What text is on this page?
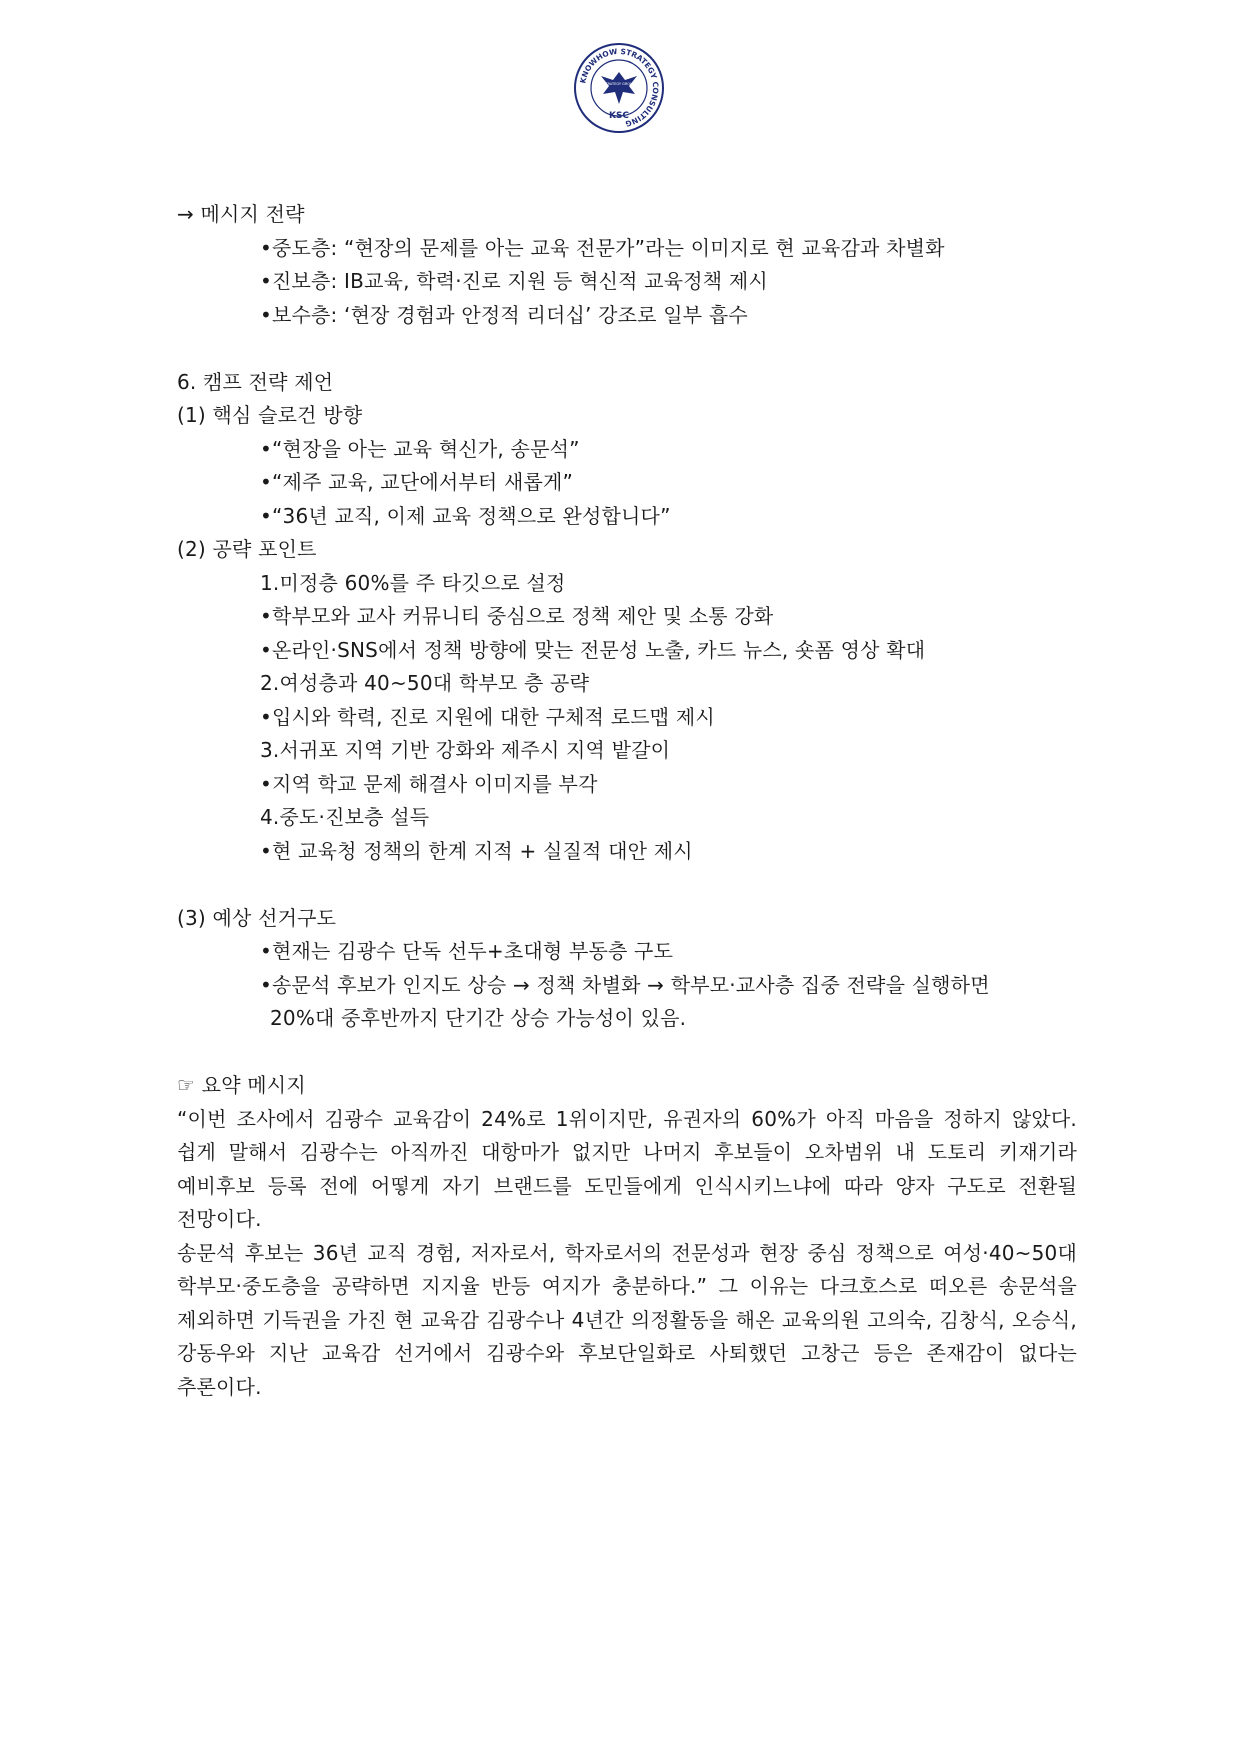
KNOWHOW STRATEGY CONSULTING
STRATEGY GROUP
KSC
→ 메시지 전략
•중도층: “현장의 문제를 아는 교육 전문가”라는 이미지로 현 교육감과 차별화
•진보층: IB교육, 학력·진로 지원 등 혁신적 교육정책 제시
•보수층: ‘현장 경험과 안정적 리더십’ 강조로 일부 흡수
6. 캠프 전략 제언
(1) 핵심 슬로건 방향
•“현장을 아는 교육 혁신가, 송문석”
•“제주 교육, 교단에서부터 새롭게”
•“36년 교직, 이제 교육 정책으로 완성합니다”
(2) 공략 포인트
1.미정층 60%를 주 타깃으로 설정
•학부모와 교사 커뮤니티 중심으로 정책 제안 및 소통 강화
•온라인·SNS에서 정책 방향에 맞는 전문성 노출, 카드 뉴스, 숏폼 영상 확대
2.여성층과 40~50대 학부모 층 공략
•입시와 학력, 진로 지원에 대한 구체적 로드맵 제시
3.서귀포 지역 기반 강화와 제주시 지역 밭갈이
•지역 학교 문제 해결사 이미지를 부각
4.중도·진보층 설득
•현 교육청 정책의 한계 지적 + 실질적 대안 제시
(3) 예상 선거구도
•현재는 김광수 단독 선두+초대형 부동층 구도
•송문석 후보가 인지도 상승 → 정책 차별화 → 학부모·교사층 집중 전략을 실행하면
20%대 중후반까지 단기간 상승 가능성이 있음.
☞ 요약 메시지

“이번 조사에서 김광수 교육감이 24%로 1위이지만, 유권자의 60%가 아직 마음을 정하지 않았다. 쉽게 말해서 김광수는 아직까진 대항마가 없지만 나머지 후보들이 오차범위 내 도토리 키재기라 예비후보 등록 전에 어떻게 자기 브랜드를 도민들에게 인식시키느냐에 따라 양자 구도로 전환될 전망이다.

송문석 후보는 36년 교직 경험, 저자로서, 학자로서의 전문성과 현장 중심 정책으로 여성·40~50대 학부모·중도층을 공략하면 지지율 반등 여지가 충분하다.” 그 이유는 다크호스로 떠오른 송문석을 제외하면 기득권을 가진 현 교육감 김광수나 4년간 의정활동을 해온 교육의원 고의숙, 김창식, 오승식, 강동우와 지난 교육감 선거에서 김광수와 후보단일화로 사퇴했던 고창근 등은 존재감이 없다는 추론이다.
